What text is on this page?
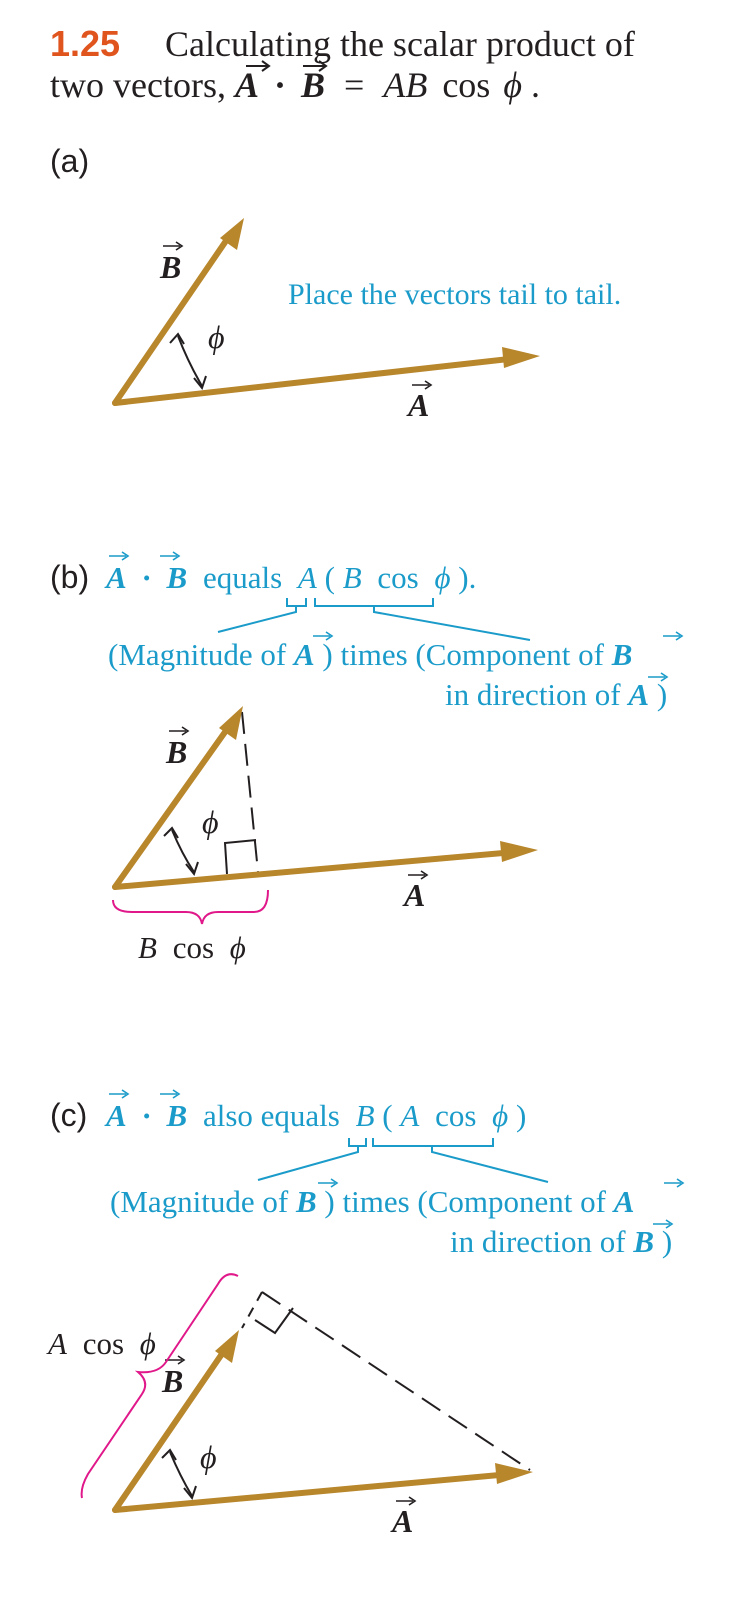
1.25 Calculating the scalar product of
two vectors, A · B = AB cos ϕ .
(a)
ϕ
B
A
Place the vectors tail to tail.
(b) A · B equals A ( B cos ϕ ).
(Magnitude of A ) times (Component of B
in direction of A )
ϕ
B
A
B cos ϕ
(c) A · B also equals B ( A cos ϕ )
(Magnitude of B ) times (Component of A
in direction of B )
ϕ
B
A
A cos ϕ
